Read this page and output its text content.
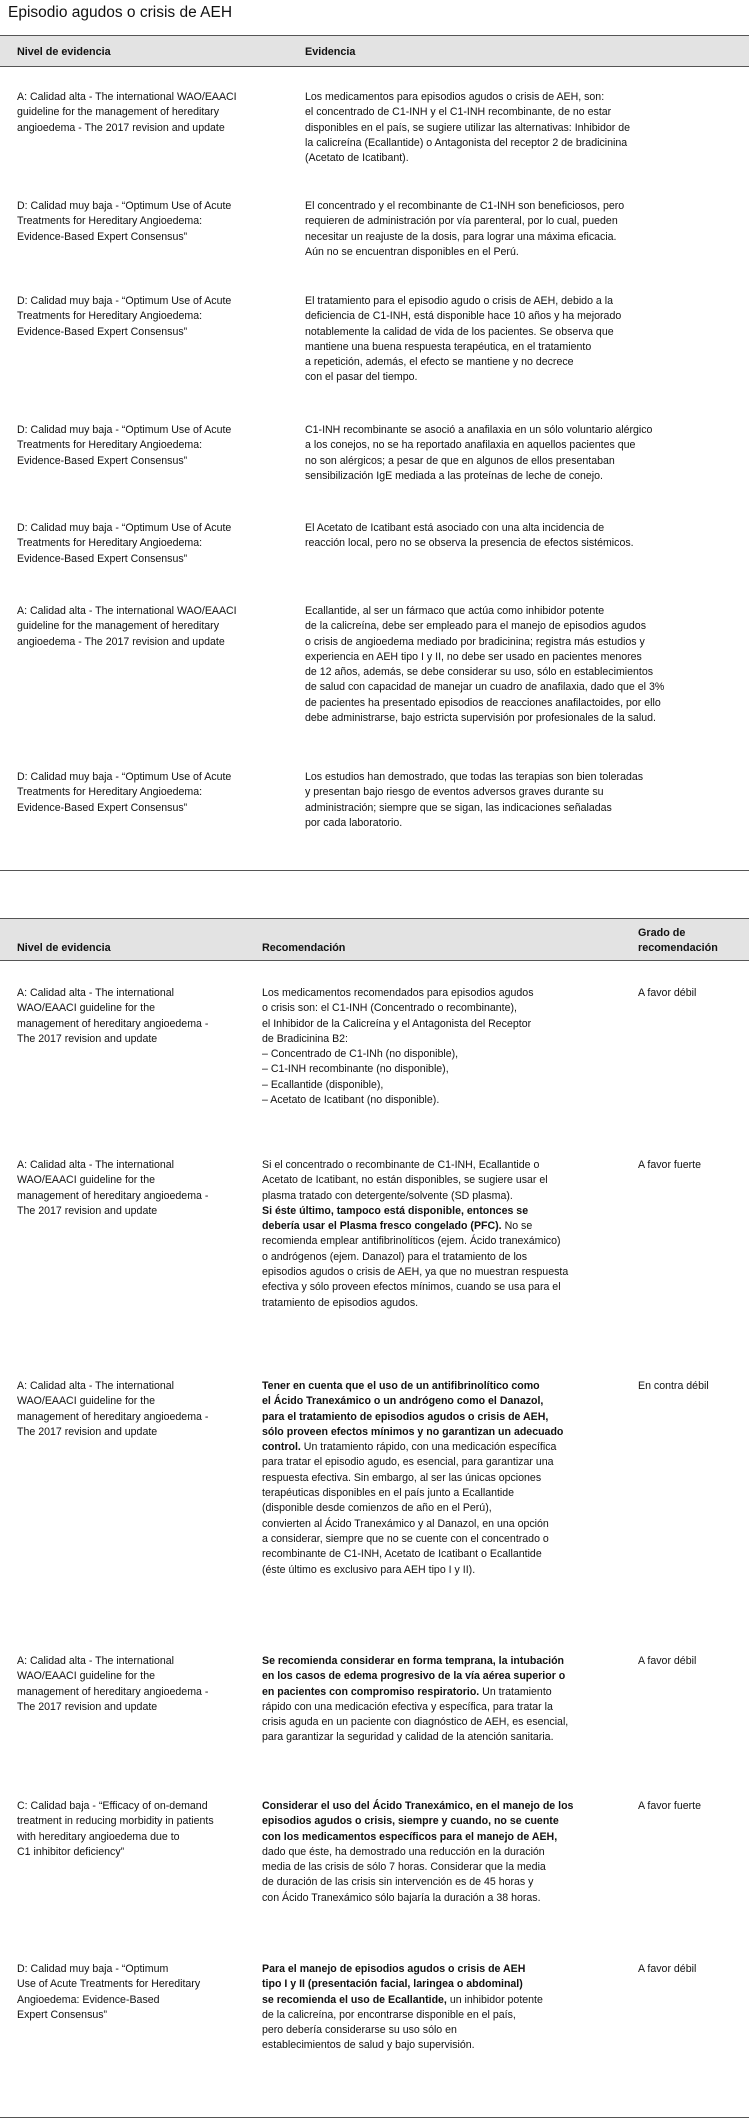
Episodio agudos o crisis de AEH
Nivel de evidencia	Evidencia
A: Calidad alta - The international WAO/EAACI
guideline for the management of hereditary
angioedema - The 2017 revision and update
Los medicamentos para episodios agudos o crisis de AEH, son:
el concentrado de C1-INH y el C1-INH recombinante, de no estar
disponibles en el país, se sugiere utilizar las alternativas: Inhibidor de
la calicreína (Ecallantide) o Antagonista del receptor 2 de bradicinina
(Acetato de Icatibant).
D: Calidad muy baja - “Optimum Use of Acute
Treatments for Hereditary Angioedema:
Evidence-Based Expert Consensus”
El concentrado y el recombinante de C1-INH son beneficiosos, pero
requieren de administración por vía parenteral, por lo cual, pueden
necesitar un reajuste de la dosis, para lograr una máxima eficacia.
Aún no se encuentran disponibles en el Perú.
D: Calidad muy baja - “Optimum Use of Acute
Treatments for Hereditary Angioedema:
Evidence-Based Expert Consensus”
El tratamiento para el episodio agudo o crisis de AEH, debido a la
deficiencia de C1-INH, está disponible hace 10 años y ha mejorado
notablemente la calidad de vida de los pacientes. Se observa que
mantiene una buena respuesta terapéutica, en el tratamiento
a repetición, además, el efecto se mantiene y no decrece
con el pasar del tiempo.
D: Calidad muy baja - “Optimum Use of Acute
Treatments for Hereditary Angioedema:
Evidence-Based Expert Consensus”
C1-INH recombinante se asoció a anafilaxia en un sólo voluntario alérgico
a los conejos, no se ha reportado anafilaxia en aquellos pacientes que
no son alérgicos; a pesar de que en algunos de ellos presentaban
sensibilización IgE mediada a las proteínas de leche de conejo.
D: Calidad muy baja - “Optimum Use of Acute
Treatments for Hereditary Angioedema:
Evidence-Based Expert Consensus”
El Acetato de Icatibant está asociado con una alta incidencia de
reacción local, pero no se observa la presencia de efectos sistémicos.
A: Calidad alta - The international WAO/EAACI
guideline for the management of hereditary
angioedema - The 2017 revision and update
Ecallantide, al ser un fármaco que actúa como inhibidor potente
de la calicreína, debe ser empleado para el manejo de episodios agudos
o crisis de angioedema mediado por bradicinina; registra más estudios y
experiencia en AEH tipo I y II, no debe ser usado en pacientes menores
de 12 años, además, se debe considerar su uso, sólo en establecimientos
de salud con capacidad de manejar un cuadro de anafilaxia, dado que el 3%
de pacientes ha presentado episodios de reacciones anafilactoides, por ello
debe administrarse, bajo estricta supervisión por profesionales de la salud.
D: Calidad muy baja - “Optimum Use of Acute
Treatments for Hereditary Angioedema:
Evidence-Based Expert Consensus”
Los estudios han demostrado, que todas las terapias son bien toleradas
y presentan bajo riesgo de eventos adversos graves durante su
administración; siempre que se sigan, las indicaciones señaladas
por cada laboratorio.
Nivel de evidencia	Recomendación
Grado de
recomendación
A: Calidad alta - The international
WAO/EAACI guideline for the
management of hereditary angioedema -
The 2017 revision and update
Los medicamentos recomendados para episodios agudos
o crisis son: el C1-INH (Concentrado o recombinante),
el Inhibidor de la Calicreína y el Antagonista del Receptor
de Bradicinina B2:
– Concentrado de C1-INh (no disponible),
– C1-INH recombinante (no disponible),
– Ecallantide (disponible),
– Acetato de Icatibant (no disponible).
A favor débil
A: Calidad alta - The international
WAO/EAACI guideline for the
management of hereditary angioedema -
The 2017 revision and update
Si el concentrado o recombinante de C1-INH, Ecallantide o
Acetato de Icatibant, no están disponibles, se sugiere usar el
plasma tratado con detergente/solvente (SD plasma).
Si éste último, tampoco está disponible, entonces se
debería usar el Plasma fresco congelado (PFC). No se
recomienda emplear antifibrinolíticos (ejem. Ácido tranexámico)
o andrógenos (ejem. Danazol) para el tratamiento de los
episodios agudos o crisis de AEH, ya que no muestran respuesta
efectiva y sólo proveen efectos mínimos, cuando se usa para el
tratamiento de episodios agudos.
A favor fuerte
A: Calidad alta - The international
WAO/EAACI guideline for the
management of hereditary angioedema -
The 2017 revision and update
Tener en cuenta que el uso de un antifibrinolítico como
el Ácido Tranexámico o un andrógeno como el Danazol,
para el tratamiento de episodios agudos o crisis de AEH,
sólo proveen efectos mínimos y no garantizan un adecuado
control. Un tratamiento rápido, con una medicación específica
para tratar el episodio agudo, es esencial, para garantizar una
respuesta efectiva. Sin embargo, al ser las únicas opciones
terapéuticas disponibles en el país junto a Ecallantide
(disponible desde comienzos de año en el Perú),
convierten al Ácido Tranexámico y al Danazol, en una opción
a considerar, siempre que no se cuente con el concentrado o
recombinante de C1-INH, Acetato de Icatibant o Ecallantide
(éste último es exclusivo para AEH tipo I y II).
En contra débil
A: Calidad alta - The international
WAO/EAACI guideline for the
management of hereditary angioedema -
The 2017 revision and update
Se recomienda considerar en forma temprana, la intubación
en los casos de edema progresivo de la vía aérea superior o
en pacientes con compromiso respiratorio. Un tratamiento
rápido con una medicación efectiva y específica, para tratar la
crisis aguda en un paciente con diagnóstico de AEH, es esencial,
para garantizar la seguridad y calidad de la atención sanitaria.
A favor débil
C: Calidad baja - “Efficacy of on-demand
treatment in reducing morbidity in patients
with hereditary angioedema due to
C1 inhibitor deficiency”
Considerar el uso del Ácido Tranexámico, en el manejo de los
episodios agudos o crisis, siempre y cuando, no se cuente
con los medicamentos específicos para el manejo de AEH,
dado que éste, ha demostrado una reducción en la duración
media de las crisis de sólo 7 horas. Considerar que la media
de duración de las crisis sin intervención es de 45 horas y
con Ácido Tranexámico sólo bajaría la duración a 38 horas.
A favor fuerte
D: Calidad muy baja - “Optimum
Use of Acute Treatments for Hereditary
Angioedema: Evidence-Based
Expert Consensus”
Para el manejo de episodios agudos o crisis de AEH
tipo I y II (presentación facial, laringea o abdominal)
se recomienda el uso de Ecallantide, un inhibidor potente
de la calicreína, por encontrarse disponible en el país,
pero debería considerarse su uso sólo en
establecimientos de salud y bajo supervisión.
A favor débil
